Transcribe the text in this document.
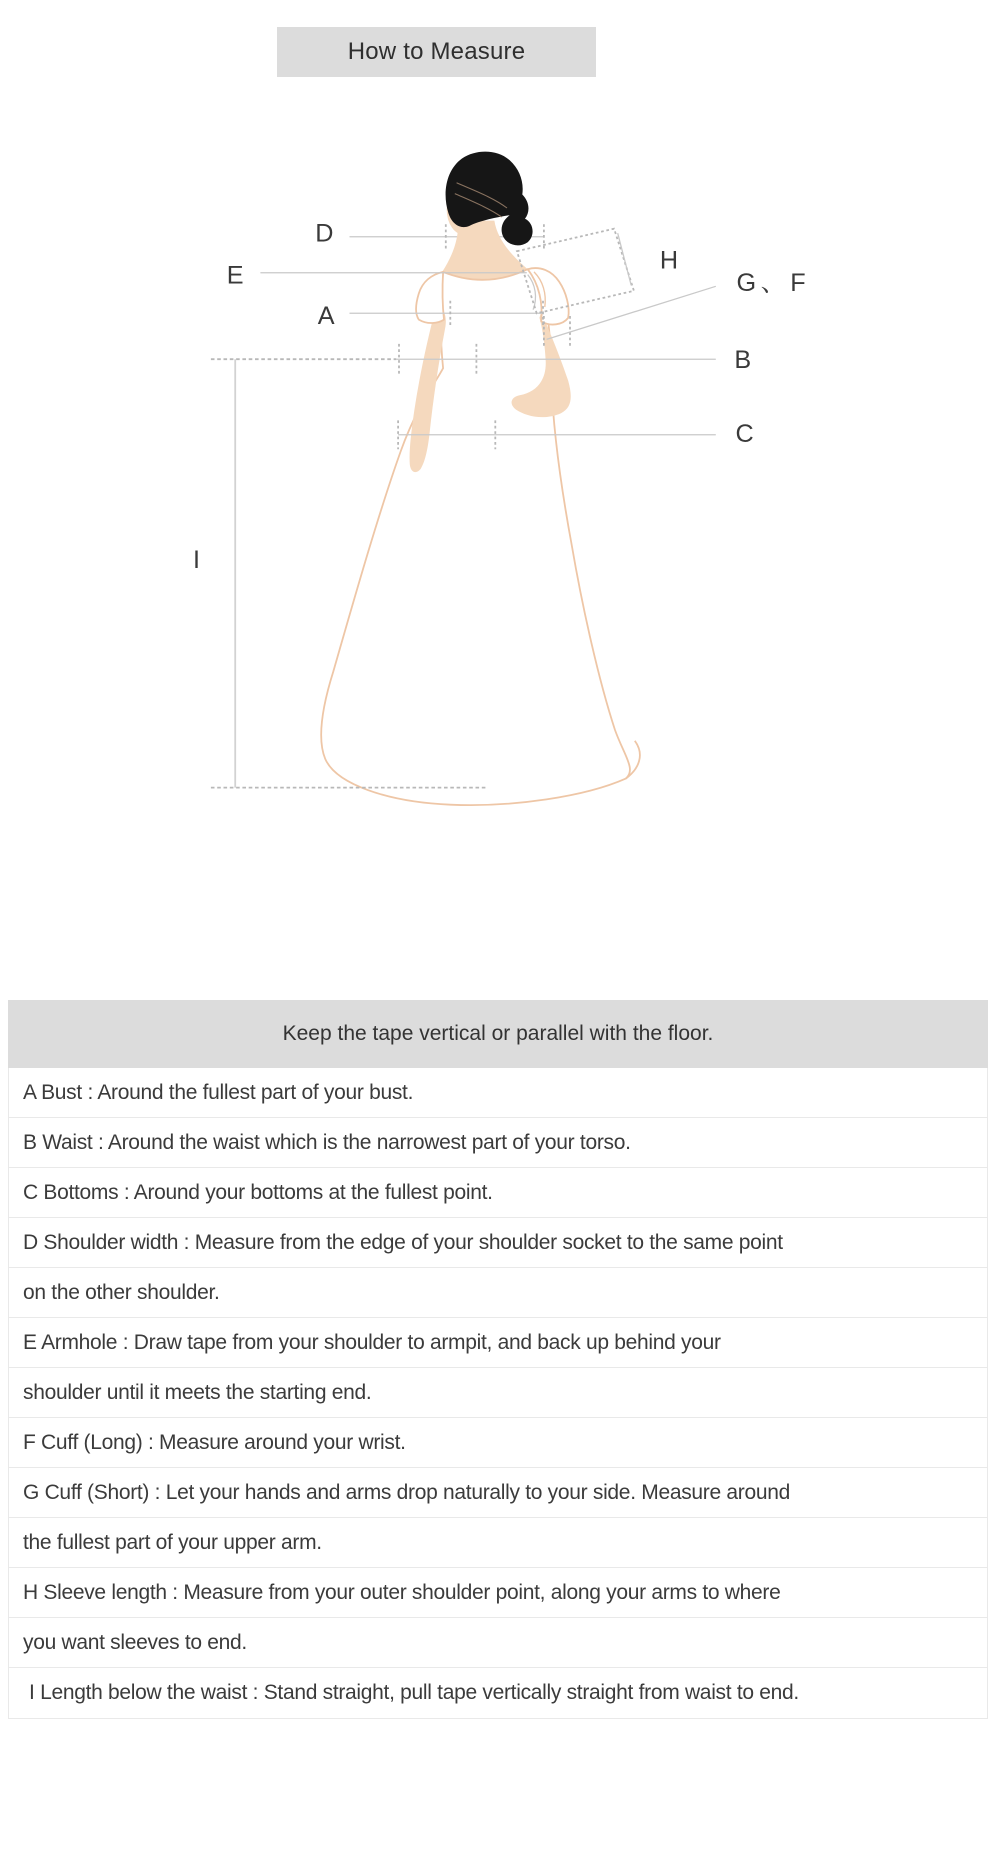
How to Measure
D
E
A
H
G、F
B
C
I
Keep the tape vertical or parallel with the floor.
A Bust : Around the fullest part of your bust.
B Waist : Around the waist which is the narrowest part of your torso.
C Bottoms : Around your bottoms at the fullest point.
D Shoulder width : Measure from the edge of your shoulder socket to the same point
on the other shoulder.
E Armhole : Draw tape from your shoulder to armpit, and back up behind your
shoulder until it meets the starting end.
F Cuff (Long) : Measure around your wrist.
G Cuff (Short) : Let your hands and arms drop naturally to your side. Measure around
the fullest part of your upper arm.
H Sleeve length : Measure from your outer shoulder point, along your arms to where
you want sleeves to end.
I Length below the waist : Stand straight, pull tape vertically straight from waist to end.
